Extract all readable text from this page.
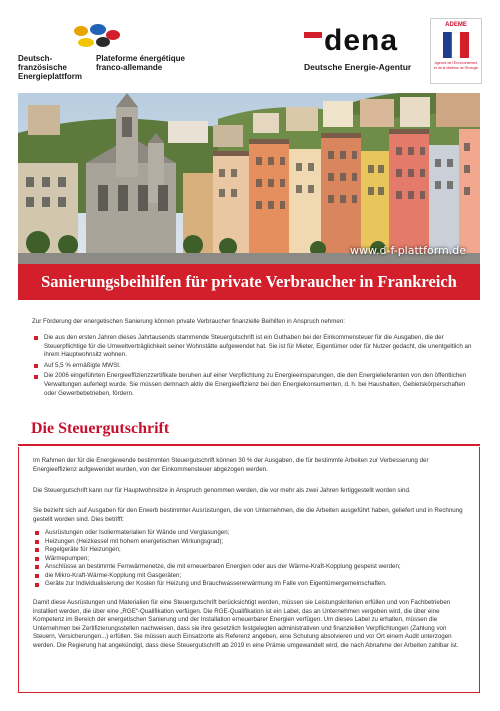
Deutsch-französische Energieplattform
Plateforme énergétique franco-allemande
dena
Deutsche Energie-Agentur
ADEME
Agence de l'Environnement et de la Maîtrise de l'Energie
www.d-f-plattform.de
Sanierungsbeihilfen für private Verbraucher in Frankreich
Zur Förderung der energetischen Sanierung können private Verbraucher finanzielle Beihilfen in Anspruch nehmen:
Die aus den ersten Jahren dieses Jahrtausends stammende Steuergutschrift ist ein Guthaben bei der Einkommensteuer für die Ausgaben, die der Steuerpflichtige für die Umweltverträglichkeit seiner Wohnstätte aufgewendet hat. Sie ist für Mieter, Eigentümer oder für Nutzer gedacht, die unentgeltlich an ihrem Hauptwohnsitz wohnen.
Auf 5,5 % ermäßigte MWSt.
Die 2006 eingeführten Energieeffizienzzertifikate beruhen auf einer Verpflichtung zu Energieeinsparungen, die den Energielieferanten von den öffentlichen Verwaltungen auferlegt wurde. Sie müssen demnach aktiv die Energieeffizienz bei den Energiekonsumenten, d. h. bei Haushalten, Gebietskörperschaften oder Gewerbebetrieben, fördern.
Die Steuergutschrift
Im Rahmen der für die Energiewende bestimmten Steuergutschrift können 30 % der Ausgaben, die für bestimmte Arbeiten zur Verbesserung der Energieeffizienz aufgewendet wurden, von der Einkommensteuer abgezogen werden.
Die Steuergutschrift kann nur für Hauptwohnsitze in Anspruch genommen werden, die vor mehr als zwei Jahren fertiggestellt worden sind.
Sie bezieht sich auf Ausgaben für den Erwerb bestimmter Ausrüstungen, die von Unternehmen, die die Arbeiten ausgeführt haben, geliefert und in Rechnung gestellt worden sind. Dies betrifft:
Ausrüstungen oder Isoliermaterialien für Wände und Verglasungen;
Heizungen (Heizkessel mit hohem energetischen Wirkungsgrad);
Regelgeräte für Heizungen;
Wärmepumpen;
Anschlüsse an bestimmte Fernwärmenetze, die mit erneuerbaren Energien oder aus der Wärme-Kraft-Kopplung gespeist werden;
die Mikro-Kraft-Wärme-Kopplung mit Gasgeräten;
Geräte zur Individualisierung der Kosten für Heizung und Brauchwassererwärmung im Falle von Eigentümergemeinschaften.
Damit diese Ausrüstungen und Materialien für eine Steuergutschrift berücksichtigt werden, müssen sie Leistungskriterien erfüllen und von Fachbetrieben installiert werden, die über eine „RGE“-Qualifikation verfügen. Die RGE-Qualifikation ist ein Label, das an Unternehmen vergeben wird, die über eine Kompetenz im Bereich der energetischen Sanierung und der Installation erneuerbarer Energien verfügen. Um dieses Label zu erhalten, müssen die Unternehmen bei Zertifizierungsstellen nachweisen, dass sie ihre gesetzlich festgelegten administrativen und finanziellen Verpflichtungen (Zahlung von Steuern, Versicherungen...) erfüllen. Sie müssen auch Einsatzorte als Referenz angeben, eine Schulung absolvieren und vor Ort einem Audit unterzogen werden. Die Regierung hat angekündigt, dass diese Steuergutschrift ab 2019 in eine Prämie umgewandelt wird, die nach Abnahme der Arbeiten zahlbar ist.
